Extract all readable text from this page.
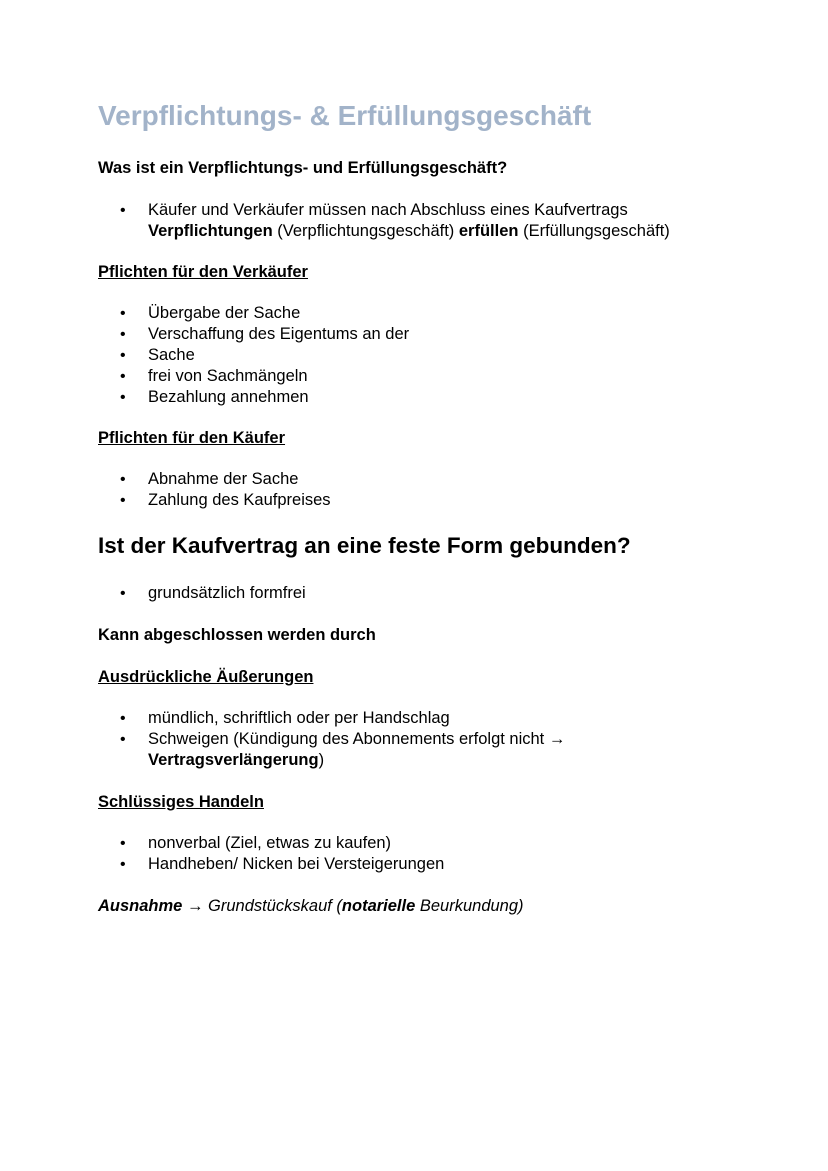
Verpflichtungs- & Erfüllungsgeschäft
Was ist ein Verpflichtungs- und Erfüllungsgeschäft?
• Käufer und Verkäufer müssen nach Abschluss eines Kaufvertrags
Verpflichtungen (Verpflichtungsgeschäft) erfüllen (Erfüllungsgeschäft)
Pflichten für den Verkäufer
• Übergabe der Sache
• Verschaffung des Eigentums an der
• Sache
• frei von Sachmängeln
• Bezahlung annehmen
Pflichten für den Käufer
• Abnahme der Sache
• Zahlung des Kaufpreises
Ist der Kaufvertrag an eine feste Form gebunden?
• grundsätzlich formfrei
Kann abgeschlossen werden durch
Ausdrückliche Äußerungen
• mündlich, schriftlich oder per Handschlag
• Schweigen (Kündigung des Abonnements erfolgt nicht →
Vertragsverlängerung)
Schlüssiges Handeln
• nonverbal (Ziel, etwas zu kaufen)
• Handheben/ Nicken bei Versteigerungen
Ausnahme → Grundstückskauf (notarielle Beurkundung)
